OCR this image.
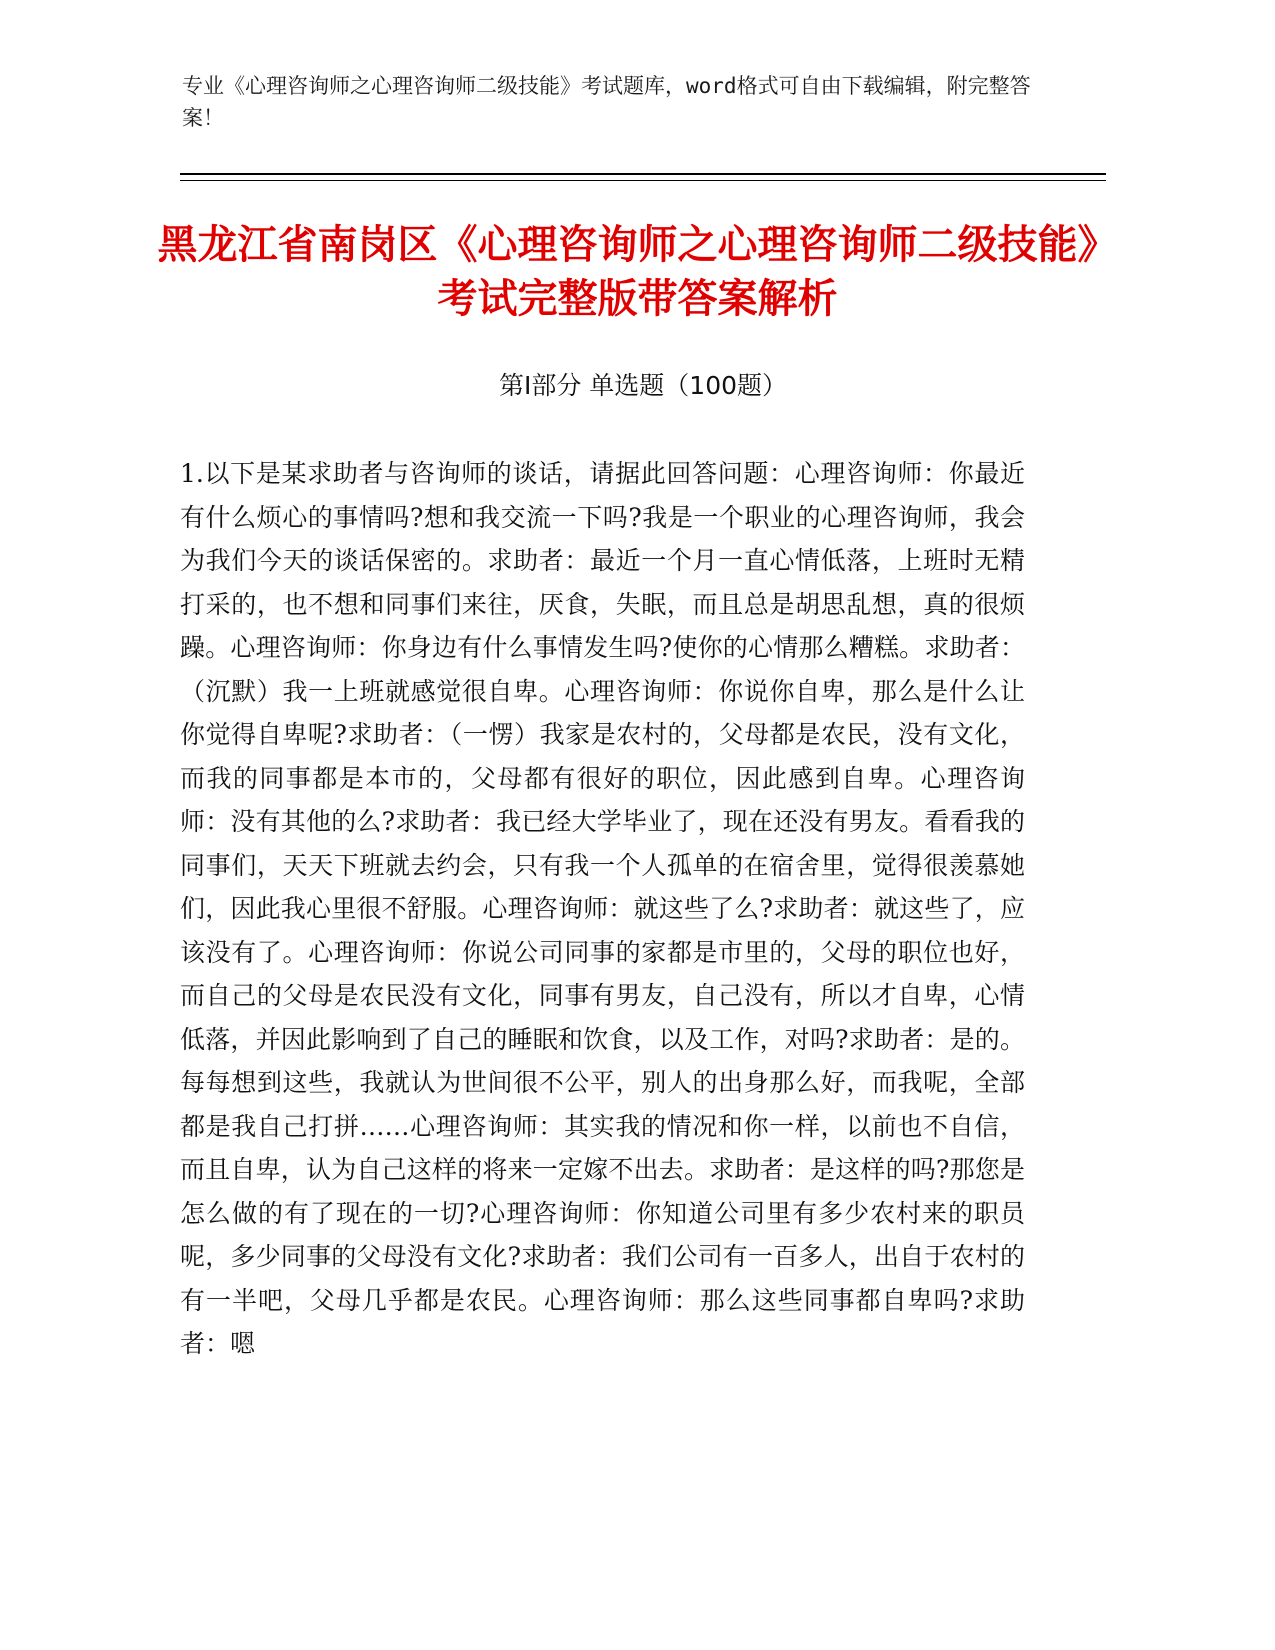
专业《心理咨询师之心理咨询师二级技能》考试题库，word格式可自由下载编辑，附完整答案！
黑龙江省南岗区《心理咨询师之心理咨询师二级技能》考试完整版带答案解析
第Ⅰ部分 单选题（100题）

1.以下是某求助者与咨询师的谈话，请据此回答问题：心理咨询师：你最近有什么烦心的事情吗?想和我交流一下吗?我是一个职业的心理咨询师，我会为我们今天的谈话保密的。求助者：最近一个月一直心情低落，上班时无精打采的，也不想和同事们来往，厌食，失眠，而且总是胡思乱想，真的很烦躁。心理咨询师：你身边有什么事情发生吗?使你的心情那么糟糕。求助者：（沉默）我一上班就感觉很自卑。心理咨询师：你说你自卑，那么是什么让你觉得自卑呢?求助者：（一愣）我家是农村的，父母都是农民，没有文化，而我的同事都是本市的，父母都有很好的职位，因此感到自卑。心理咨询师：没有其他的么?求助者：我已经大学毕业了，现在还没有男友。看看我的同事们，天天下班就去约会，只有我一个人孤单的在宿舍里，觉得很羡慕她们，因此我心里很不舒服。心理咨询师：就这些了么?求助者：就这些了，应该没有了。心理咨询师：你说公司同事的家都是市里的，父母的职位也好，而自己的父母是农民没有文化，同事有男友，自己没有，所以才自卑，心情低落，并因此影响到了自己的睡眠和饮食，以及工作，对吗?求助者：是的。每每想到这些，我就认为世间很不公平，别人的出身那么好，而我呢，全部都是我自己打拼……心理咨询师：其实我的情况和你一样，以前也不自信，而且自卑，认为自己这样的将来一定嫁不出去。求助者：是这样的吗?那您是怎么做的有了现在的一切?心理咨询师：你知道公司里有多少农村来的职员呢，多少同事的父母没有文化?求助者：我们公司有一百多人，出自于农村的有一半吧，父母几乎都是农民。心理咨询师：那么这些同事都自卑吗?求助者：嗯
